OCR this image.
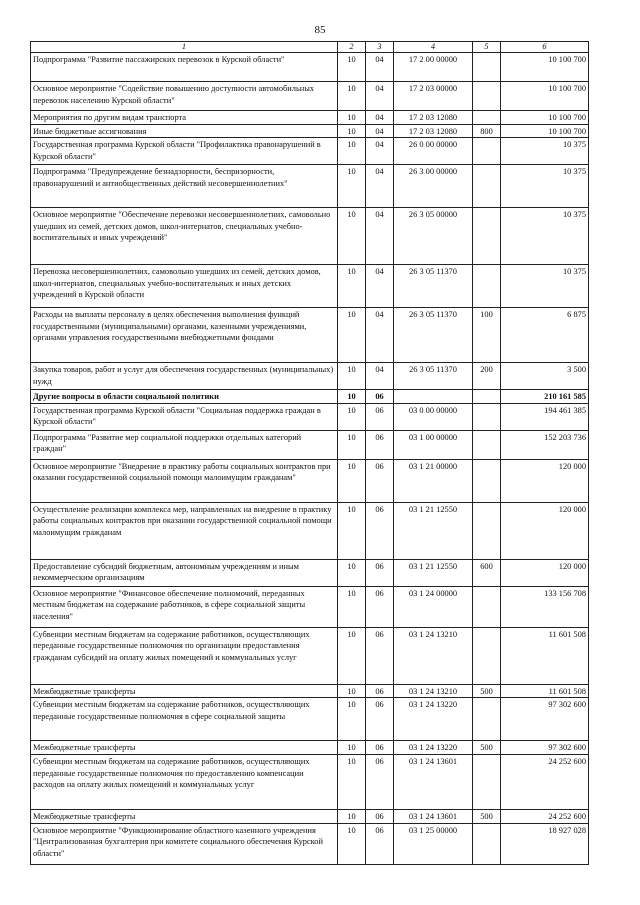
85
1	2	3	4	5	6
Подпрограмма "Развитие пассажирских перевозок в Курской области"	10	04	17 2 00 00000		10 100 700
Основное мероприятие "Содействие повышению доступности автомобильных перевозок населению Курской области"	10	04	17 2 03 00000		10 100 700
Мероприятия по другим видам транспорта	10	04	17 2 03 12080		10 100 700
Иные бюджетные ассигнования	10	04	17 2 03 12080	800	10 100 700
Государственная программа Курской области "Профилактика правонарушений в Курской области"	10	04	26 0 00 00000		10 375
Подпрограмма "Предупреждение безнадзорности, беспризорности, правонарушений и антиобщественных действий несовершеннолетних"	10	04	26 3 00 00000		10 375
Основное мероприятие "Обеспечение перевозки несовершеннолетних, самовольно ушедших из семей, детских домов, школ-интернатов, специальных учебно-воспитательных и иных учреждений"	10	04	26 3 05 00000		10 375
Перевозка несовершеннолетних, самовольно ушедших из семей, детских домов, школ-интернатов, специальных учебно-воспитательных и иных детских учреждений в Курской области	10	04	26 3 05 11370		10 375
Расходы на выплаты персоналу в целях обеспечения выполнения функций государственными (муниципальными) органами, казенными учреждениями, органами управления государственными внебюджетными фондами	10	04	26 3 05 11370	100	6 875
Закупка товаров, работ и услуг для обеспечения государственных (муниципальных) нужд	10	04	26 3 05 11370	200	3 500
Другие вопросы в области социальной политики	10	06			210 161 585
Государственная программа Курской области "Социальная поддержка граждан в Курской области"	10	06	03 0 00 00000		194 461 385
Подпрограмма "Развитие мер социальной поддержки отдельных категорий граждан"	10	06	03 1 00 00000		152 203 736
Основное мероприятие "Внедрение в практику работы социальных контрактов при оказании государственной социальной помощи малоимущим гражданам"	10	06	03 1 21 00000		120 000
Осуществление реализации комплекса мер, направленных на внедрение в практику работы социальных контрактов при оказании государственной социальной помощи малоимущим гражданам	10	06	03 1 21 12550		120 000
Предоставление субсидий бюджетным, автономным учреждениям и иным некоммерческим организациям	10	06	03 1 21 12550	600	120 000
Основное мероприятие "Финансовое обеспечение полномочий, переданных местным бюджетам на содержание работников, в сфере социальной защиты населения"	10	06	03 1 24 00000		133 156 708
Субвенции местным бюджетам на содержание работников, осуществляющих переданные государственные полномочия по организации предоставления гражданам субсидий на оплату жилых помещений и коммунальных услуг	10	06	03 1 24 13210		11 601 508
Межбюджетные трансферты	10	06	03 1 24 13210	500	11 601 508
Субвенции местным бюджетам на содержание работников, осуществляющих переданные государственные полномочия в сфере социальной защиты	10	06	03 1 24 13220		97 302 600
Межбюджетные трансферты	10	06	03 1 24 13220	500	97 302 600
Субвенции местным бюджетам на содержание работников, осуществляющих переданные государственные полномочия по предоставлению компенсации расходов на оплату жилых помещений и коммунальных услуг	10	06	03 1 24 13601		24 252 600
Межбюджетные трансферты	10	06	03 1 24 13601	500	24 252 600
Основное мероприятие "Функционирование областного казенного учреждения "Централизованная бухгалтерия при комитете социального обеспечения Курской области"	10	06	03 1 25 00000		18 927 028
